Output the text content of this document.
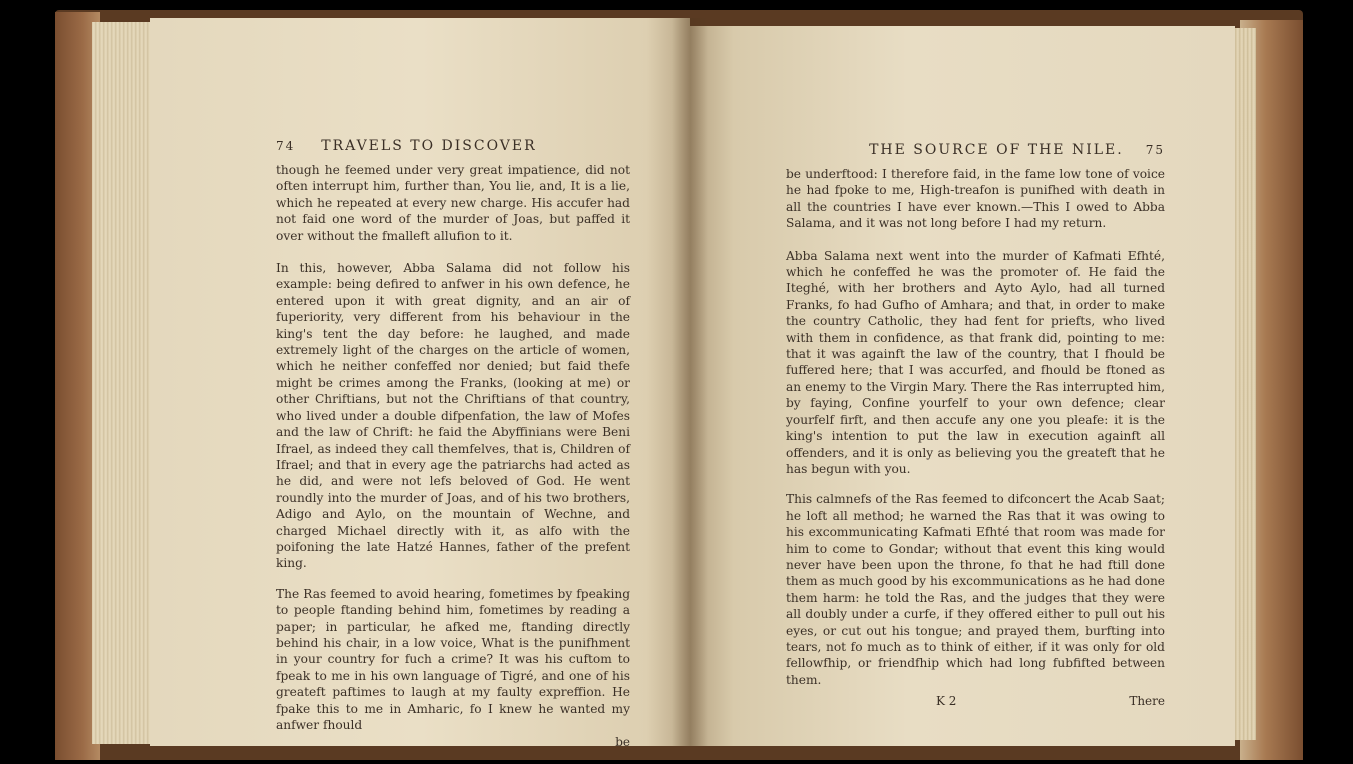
74 TRAVELS TO DISCOVER

though he feemed under very great impatience, did not often interrupt him, further than, You lie, and, It is a lie, which he repeated at every new charge. His accufer had not faid one word of the murder of Joas, but paffed it over without the fmalleft allufion to it.

In this, however, Abba Salama did not follow his example: being defired to anfwer in his own defence, he entered upon it with great dignity, and an air of fuperiority, very different from his behaviour in the king's tent the day before: he laughed, and made extremely light of the charges on the article of women, which he neither confeffed nor denied; but faid thefe might be crimes among the Franks, (looking at me) or other Chriftians, but not the Chriftians of that country, who lived under a double difpenfation, the law of Mofes and the law of Chrift: he faid the Abyffinians were Beni Ifrael, as indeed they call themfelves, that is, Children of Ifrael; and that in every age the patriarchs had acted as he did, and were not lefs beloved of God. He went roundly into the murder of Joas, and of his two brothers, Adigo and Aylo, on the mountain of Wechne, and charged Michael directly with it, as alfo with the poifoning the late Hatzé Hannes, father of the prefent king.

The Ras feemed to avoid hearing, fometimes by fpeaking to people ftanding behind him, fometimes by reading a paper; in particular, he afked me, ftanding directly behind his chair, in a low voice, What is the punifhment in your country for fuch a crime? It was his cuftom to fpeak to me in his own language of Tigré, and one of his greateft paftimes to laugh at my faulty expreffion. He fpake this to me in Amharic, fo I knew he wanted my anfwer fhould

be
THE SOURCE OF THE NILE. 75

be underftood: I therefore faid, in the fame low tone of voice he had fpoke to me, High-treafon is punifhed with death in all the countries I have ever known.—This I owed to Abba Salama, and it was not long before I had my return.

Abba Salama next went into the murder of Kafmati Efhté, which he confeffed he was the promoter of. He faid the Iteghé, with her brothers and Ayto Aylo, had all turned Franks, fo had Gufho of Amhara; and that, in order to make the country Catholic, they had fent for priefts, who lived with them in confidence, as that frank did, pointing to me: that it was againft the law of the country, that I fhould be fuffered here; that I was accurfed, and fhould be ftoned as an enemy to the Virgin Mary. There the Ras interrupted him, by faying, Confine yourfelf to your own defence; clear yourfelf firft, and then accufe any one you pleafe: it is the king's intention to put the law in execution againft all offenders, and it is only as believing you the greateft that he has begun with you.

This calmnefs of the Ras feemed to difconcert the Acab Saat; he loft all method; he warned the Ras that it was owing to his excommunicating Kafmati Efhté that room was made for him to come to Gondar; without that event this king would never have been upon the throne, fo that he had ftill done them as much good by his excommunications as he had done them harm: he told the Ras, and the judges that they were all doubly under a curfe, if they offered either to pull out his eyes, or cut out his tongue; and prayed them, burfting into tears, not fo much as to think of either, if it was only for old fellowfhip, or friendfhip which had long fubfifted between them.

K 2	There
